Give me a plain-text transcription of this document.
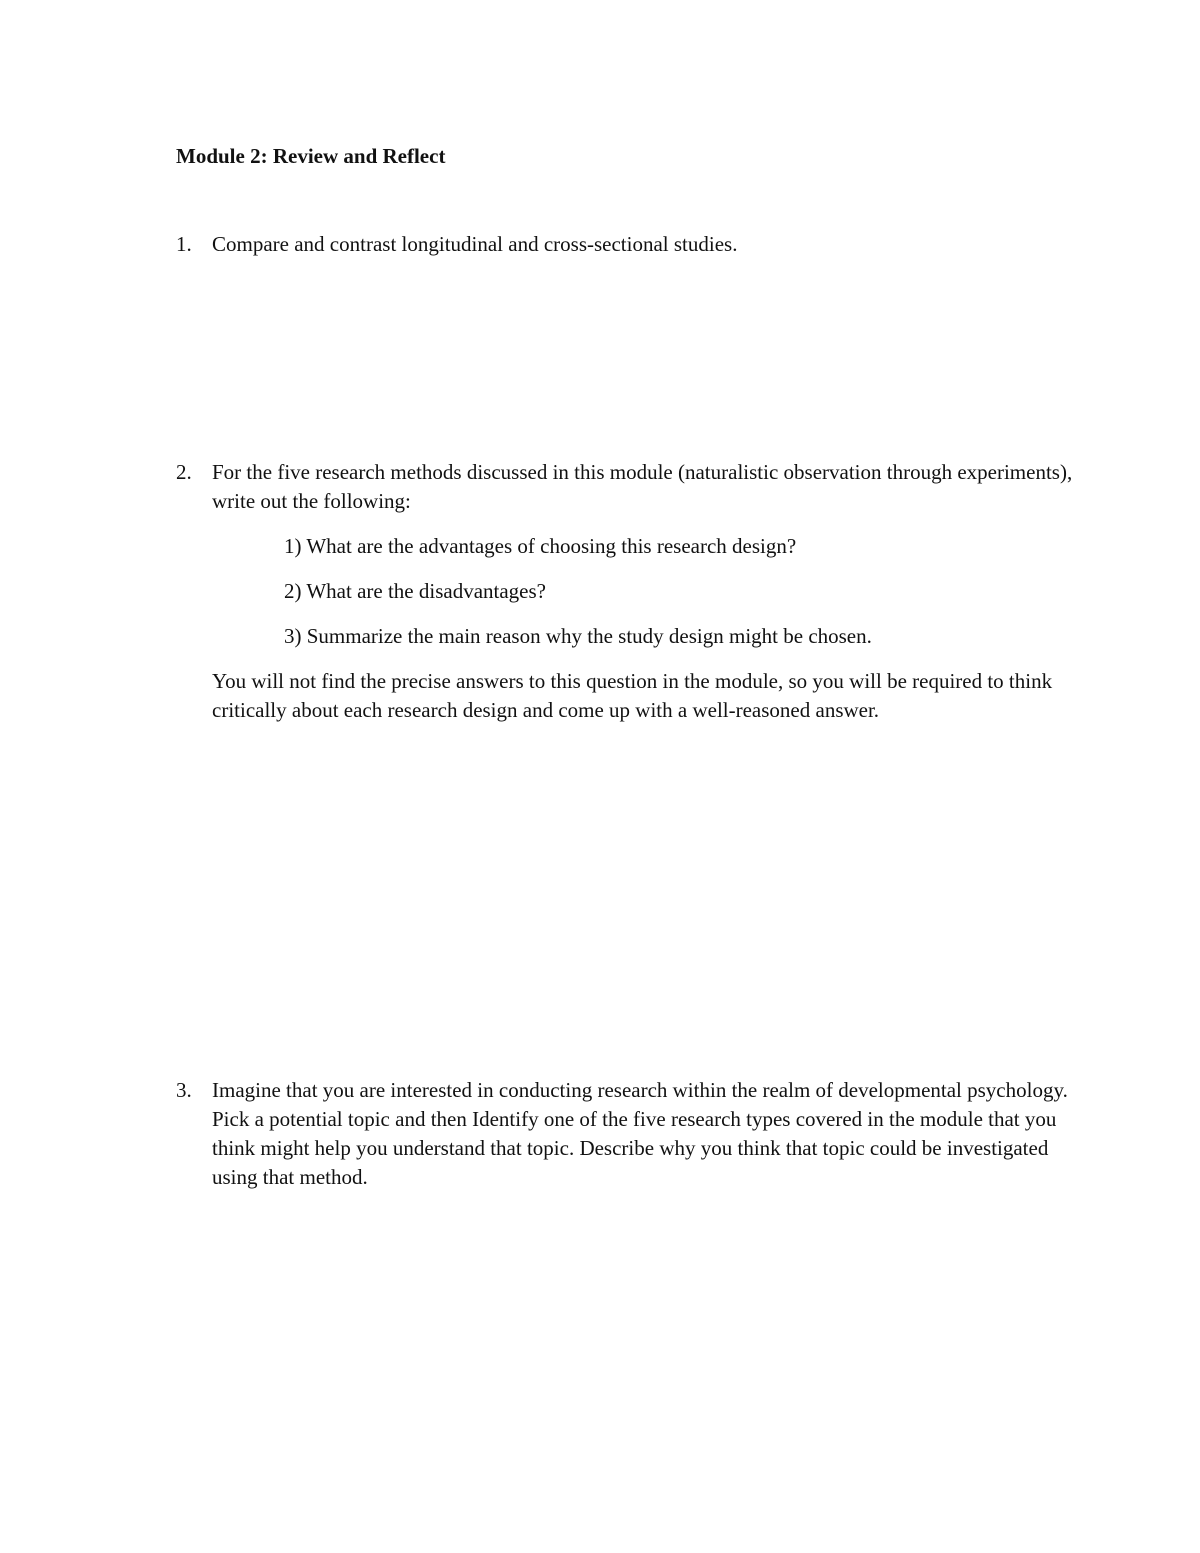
Module 2: Review and Reflect
1. Compare and contrast longitudinal and cross-sectional studies.

2. For the five research methods discussed in this module (naturalistic observation through experiments), write out the following:

1) What are the advantages of choosing this research design?
2) What are the disadvantages?
3) Summarize the main reason why the study design might be chosen.

You will not find the precise answers to this question in the module, so you will be required to think critically about each research design and come up with a well-reasoned answer.

3. Imagine that you are interested in conducting research within the realm of developmental psychology. Pick a potential topic and then Identify one of the five research types covered in the module that you think might help you understand that topic. Describe why you think that topic could be investigated using that method.
